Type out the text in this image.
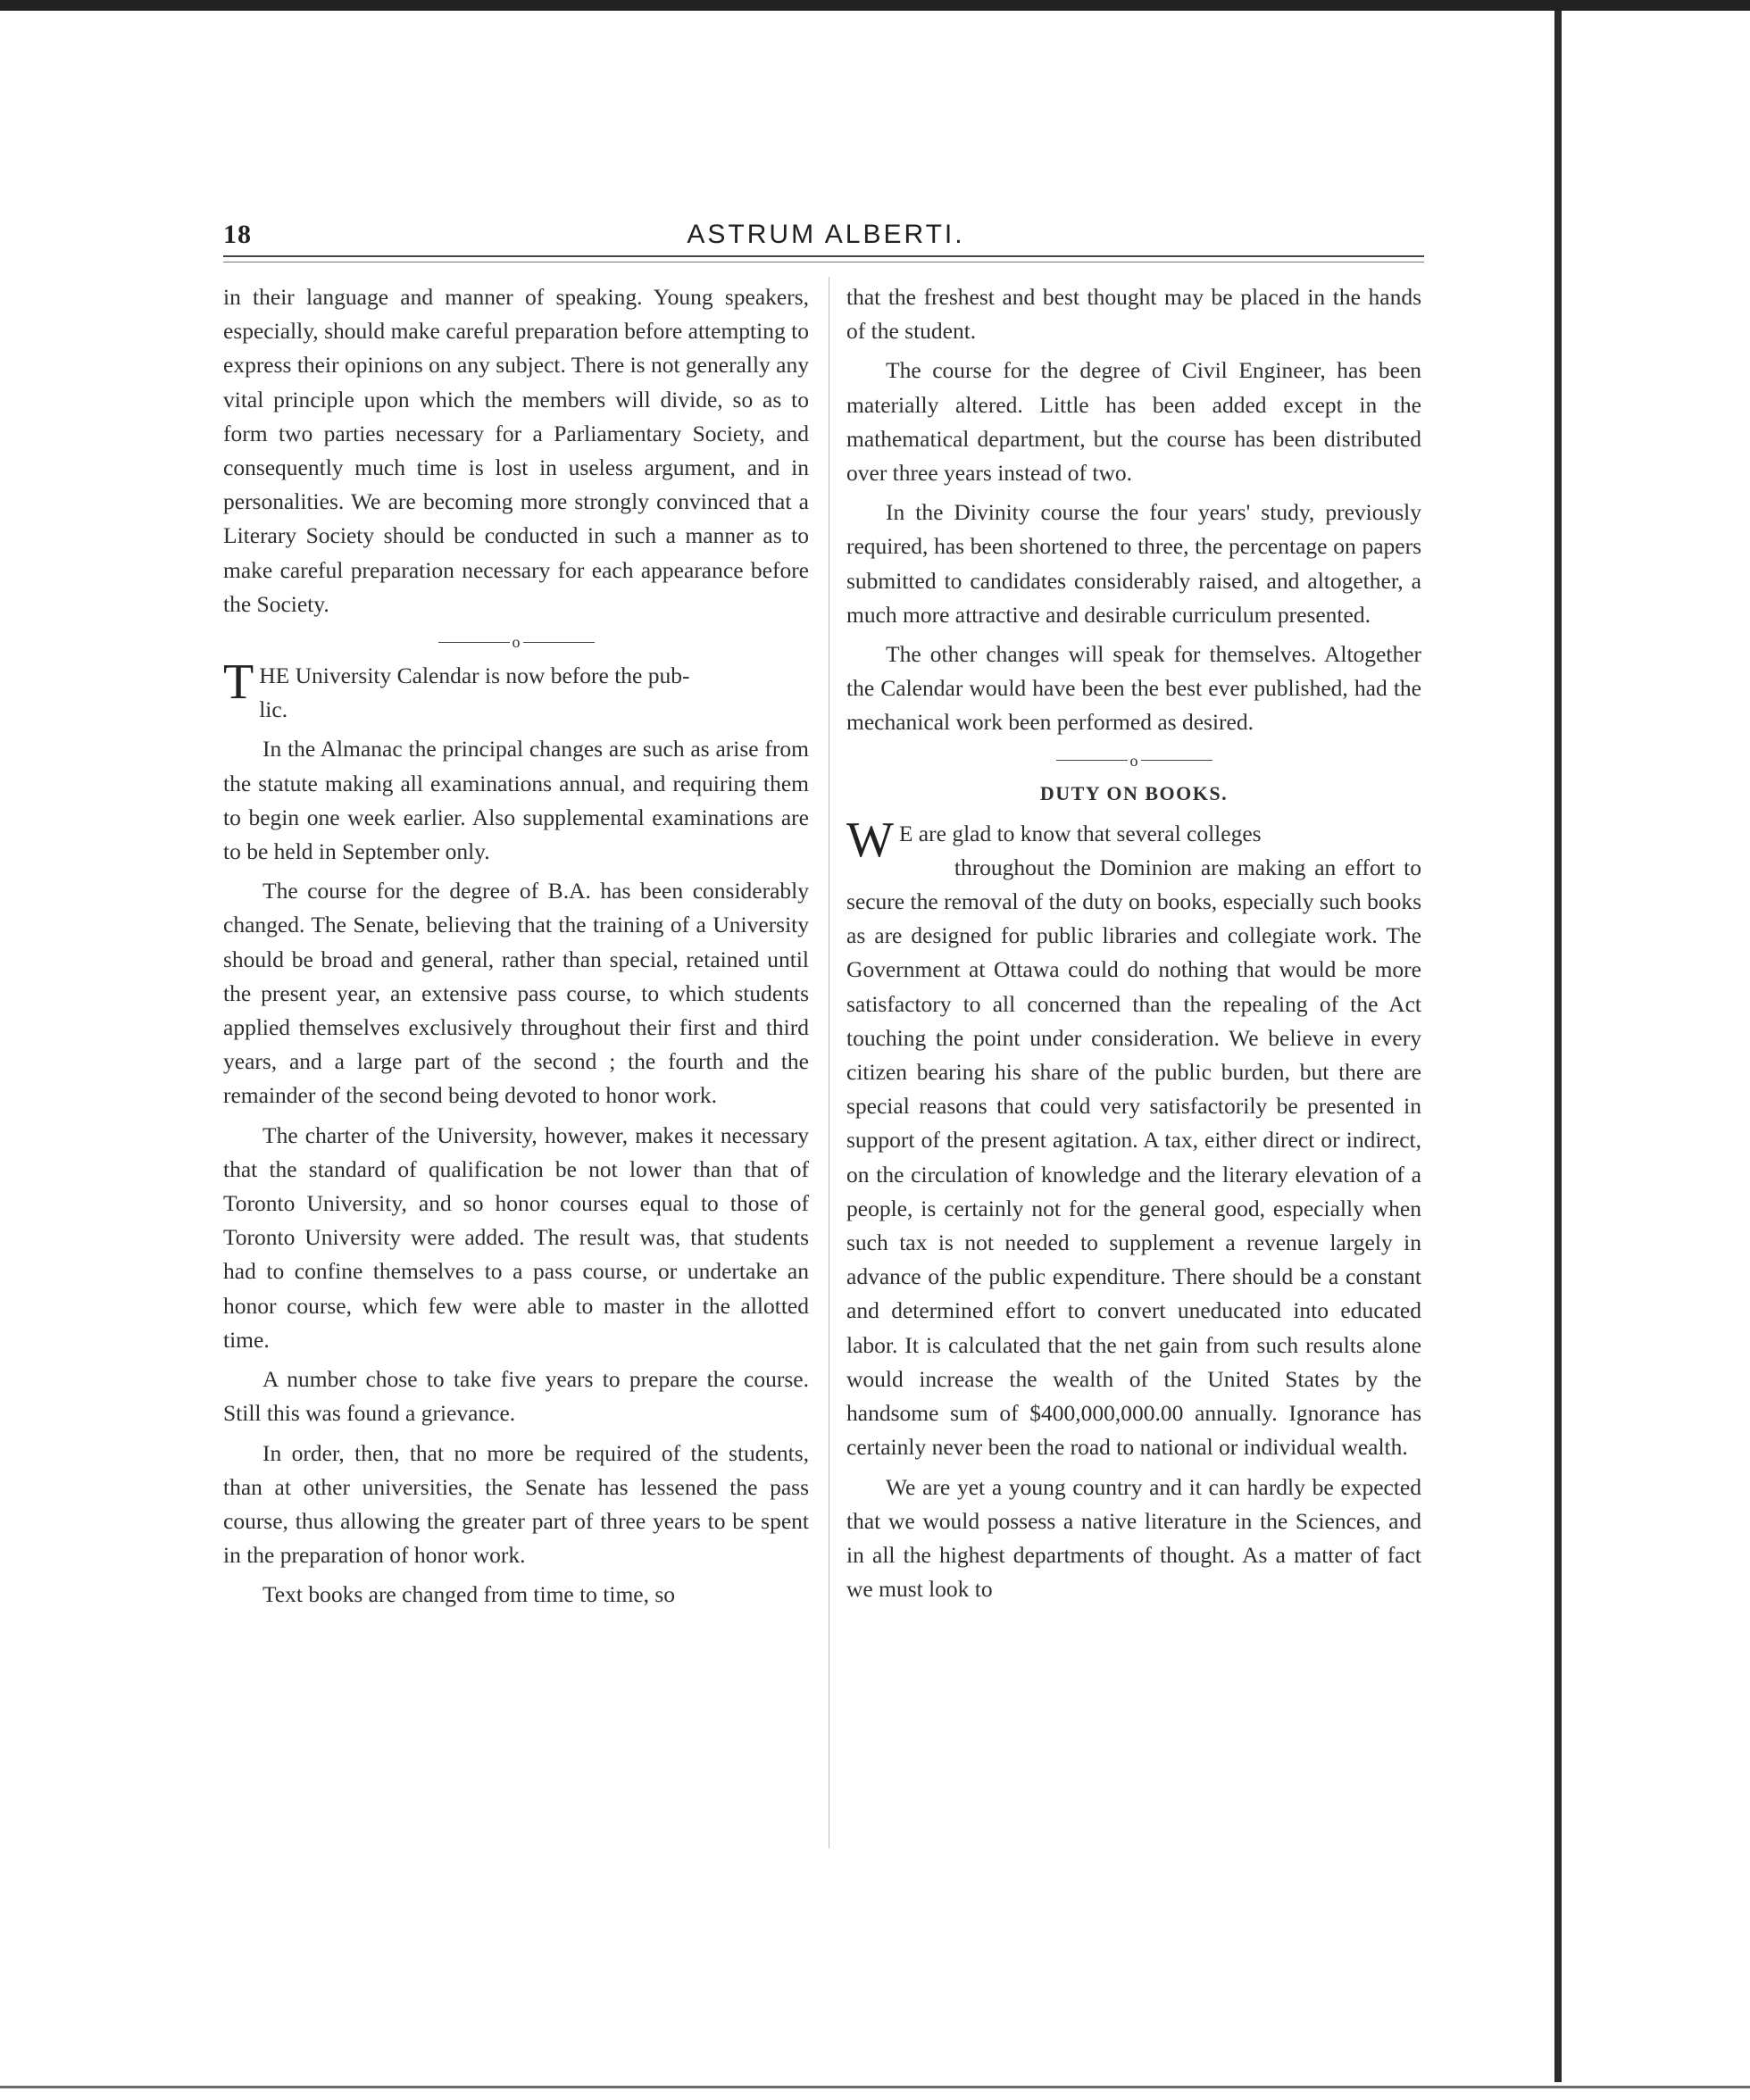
18	ASTRUM ALBERTI.

in their language and manner of speaking. Young speakers, especially, should make careful preparation before attempting to express their opinions on any subject. There is not generally any vital principle upon which the members will divide, so as to form two parties necessary for a Parliamentary Society, and consequently much time is lost in useless argument, and in personalities. We are becoming more strongly convinced that a Literary Society should be conducted in such a manner as to make careful preparation necessary for each appearance before the Society.

o

THE University Calendar is now before the pub-
lic.

In the Almanac the principal changes are such as arise from the statute making all examinations annual, and requiring them to begin one week earlier. Also supplemental examinations are to be held in September only.

The course for the degree of B.A. has been considerably changed. The Senate, believing that the training of a University should be broad and general, rather than special, retained until the present year, an extensive pass course, to which students applied themselves exclusively throughout their first and third years, and a large part of the second ; the fourth and the remainder of the second being devoted to honor work.

The charter of the University, however, makes it necessary that the standard of qualification be not lower than that of Toronto University, and so honor courses equal to those of Toronto University were added. The result was, that students had to confine themselves to a pass course, or undertake an honor course, which few were able to master in the allotted time.

A number chose to take five years to prepare the course. Still this was found a grievance.

In order, then, that no more be required of the students, than at other universities, the Senate has lessened the pass course, thus allowing the greater part of three years to be spent in the preparation of honor work.

Text books are changed from time to time, so

that the freshest and best thought may be placed in the hands of the student.

The course for the degree of Civil Engineer, has been materially altered. Little has been added except in the mathematical department, but the course has been distributed over three years instead of two.

In the Divinity course the four years' study, previously required, has been shortened to three, the percentage on papers submitted to candidates considerably raised, and altogether, a much more attractive and desirable curriculum presented.

The other changes will speak for themselves. Altogether the Calendar would have been the best ever published, had the mechanical work been performed as desired.

o
DUTY ON BOOKS.

W E are glad to know that several colleges
throughout the Dominion are making an effort to secure the removal of the duty on books, especially such books as are designed for public libraries and collegiate work. The Government at Ottawa could do nothing that would be more satisfactory to all concerned than the repealing of the Act touching the point under consideration. We believe in every citizen bearing his share of the public burden, but there are special reasons that could very satisfactorily be presented in support of the present agitation. A tax, either direct or indirect, on the circulation of knowledge and the literary elevation of a people, is certainly not for the general good, especially when such tax is not needed to supplement a revenue largely in advance of the public expenditure. There should be a constant and determined effort to convert uneducated into educated labor. It is calculated that the net gain from such results alone would increase the wealth of the United States by the handsome sum of $400,000,000.00 annually. Ignorance has certainly never been the road to national or individual wealth.

We are yet a young country and it can hardly be expected that we would possess a native literature in the Sciences, and in all the highest departments of thought. As a matter of fact we must look to
